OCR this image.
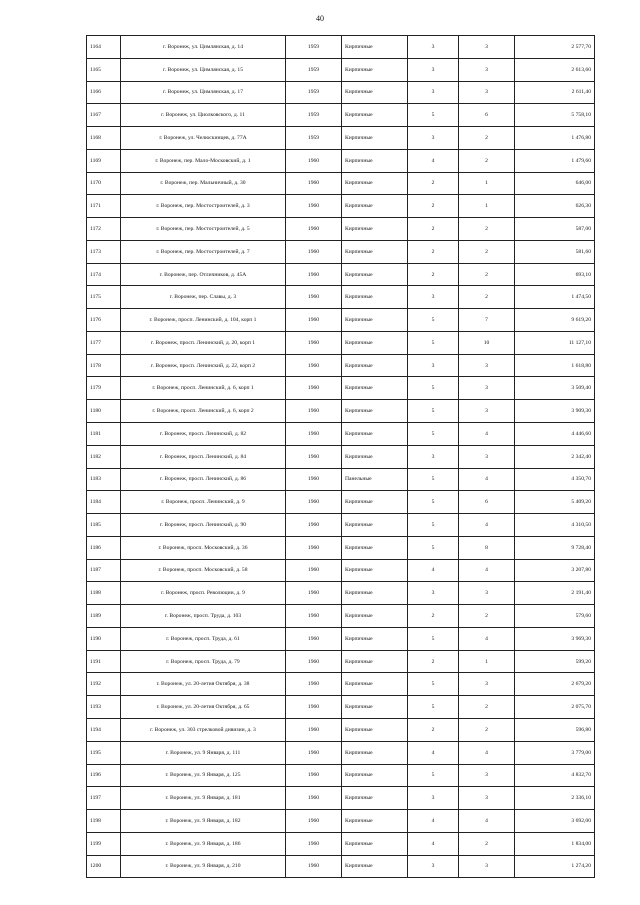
40
1164	г. Воронеж, ул. Цимлянская, д. 14	1959	Кирпичные	3	3	2 577,70
1165	г. Воронеж, ул. Цимлянская, д. 15	1959	Кирпичные	3	3	2 613,60
1166	г. Воронеж, ул. Цимлянская, д. 17	1959	Кирпичные	3	3	2 611,40
1167	г. Воронеж, ул. Циолковского, д. 11	1959	Кирпичные	5	6	5 758,10
1168	г. Воронеж, ул. Челюскинцев, д. 77А	1959	Кирпичные	3	2	1 476,80
1169	г. Воронеж, пер. Мало-Московский, д. 1	1960	Кирпичные	4	2	1 479,60
1170	г. Воронеж, пер. Мальничный, д. 30	1960	Кирпичные	2	1	646,00
1171	г. Воронеж, пер. Мостостроителей, д. 3	1960	Кирпичные	2	1	626,30
1172	г. Воронеж, пер. Мостостроителей, д. 5	1960	Кирпичные	2	2	587,00
1173	г. Воронеж, пер. Мостостроителей, д. 7	1960	Кирпичные	2	2	581,60
1174	г. Воронеж, пер. Отличников, д. 45А	1960	Кирпичные	2	2	693,10
1175	г. Воронеж, пер. Славы, д. 3	1960	Кирпичные	3	2	1 474,50
1176	г. Воронеж, просп. Ленинский, д. 104, корп 1	1960	Кирпичные	5	7	9 619,20
1177	г. Воронеж, просп. Ленинский, д. 20, корп 1	1960	Кирпичные	5	10	11 127,10
1178	г. Воронеж, просп. Ленинский, д. 22, корп 2	1960	Кирпичные	3	3	1 618,80
1179	г. Воронеж, просп. Ленинский, д. 6, корп 1	1960	Кирпичные	5	3	3 509,40
1180	г. Воронеж, просп. Ленинский, д. 6, корп 2	1960	Кирпичные	5	3	3 909,30
1181	г. Воронеж, просп. Ленинский, д. 82	1960	Кирпичные	5	4	4 446,60
1182	г. Воронеж, просп. Ленинский, д. 84	1960	Кирпичные	3	3	2 342,40
1183	г. Воронеж, просп. Ленинский, д. 86	1960	Панельные	5	4	4 350,70
1184	г. Воронеж, просп. Ленинский, д. 9	1960	Кирпичные	5	6	5 409,20
1185	г. Воронеж, просп. Ленинский, д. 90	1960	Кирпичные	5	4	4 310,50
1186	г. Воронеж, просп. Московский, д. 36	1960	Кирпичные	5	8	9 728,40
1187	г. Воронеж, просп. Московский, д. 58	1960	Кирпичные	4	4	3 207,80
1188	г. Воронеж, просп. Революции, д. 9	1960	Кирпичные	3	3	2 191,40
1189	г. Воронеж, просп. Труда, д. 103	1960	Кирпичные	2	2	579,60
1190	г. Воронеж, просп. Труда, д. 61	1960	Кирпичные	5	4	3 969,30
1191	г. Воронеж, просп. Труда, д. 79	1960	Кирпичные	2	1	599,20
1192	г. Воронеж, ул. 20-летия Октября, д. 38	1960	Кирпичные	5	3	2 679,20
1193	г. Воронеж, ул. 20-летия Октября, д. 65	1960	Кирпичные	5	2	2 075,70
1194	г. Воронеж, ул. 303 стрелковой дивизии, д. 3	1960	Кирпичные	2	2	596,80
1195	г. Воронеж, ул. 9 Января, д. 111	1960	Кирпичные	4	4	3 779,00
1196	г. Воронеж, ул. 9 Января, д. 125	1960	Кирпичные	5	3	4 832,70
1197	г. Воронеж, ул. 9 Января, д. 181	1960	Кирпичные	3	3	2 336,10
1198	г. Воронеж, ул. 9 Января, д. 182	1960	Кирпичные	4	4	3 692,00
1199	г. Воронеж, ул. 9 Января, д. 186	1960	Кирпичные	4	2	1 834,00
1200	г. Воронеж, ул. 9 Января, д. 210	1960	Кирпичные	3	3	1 274,20
